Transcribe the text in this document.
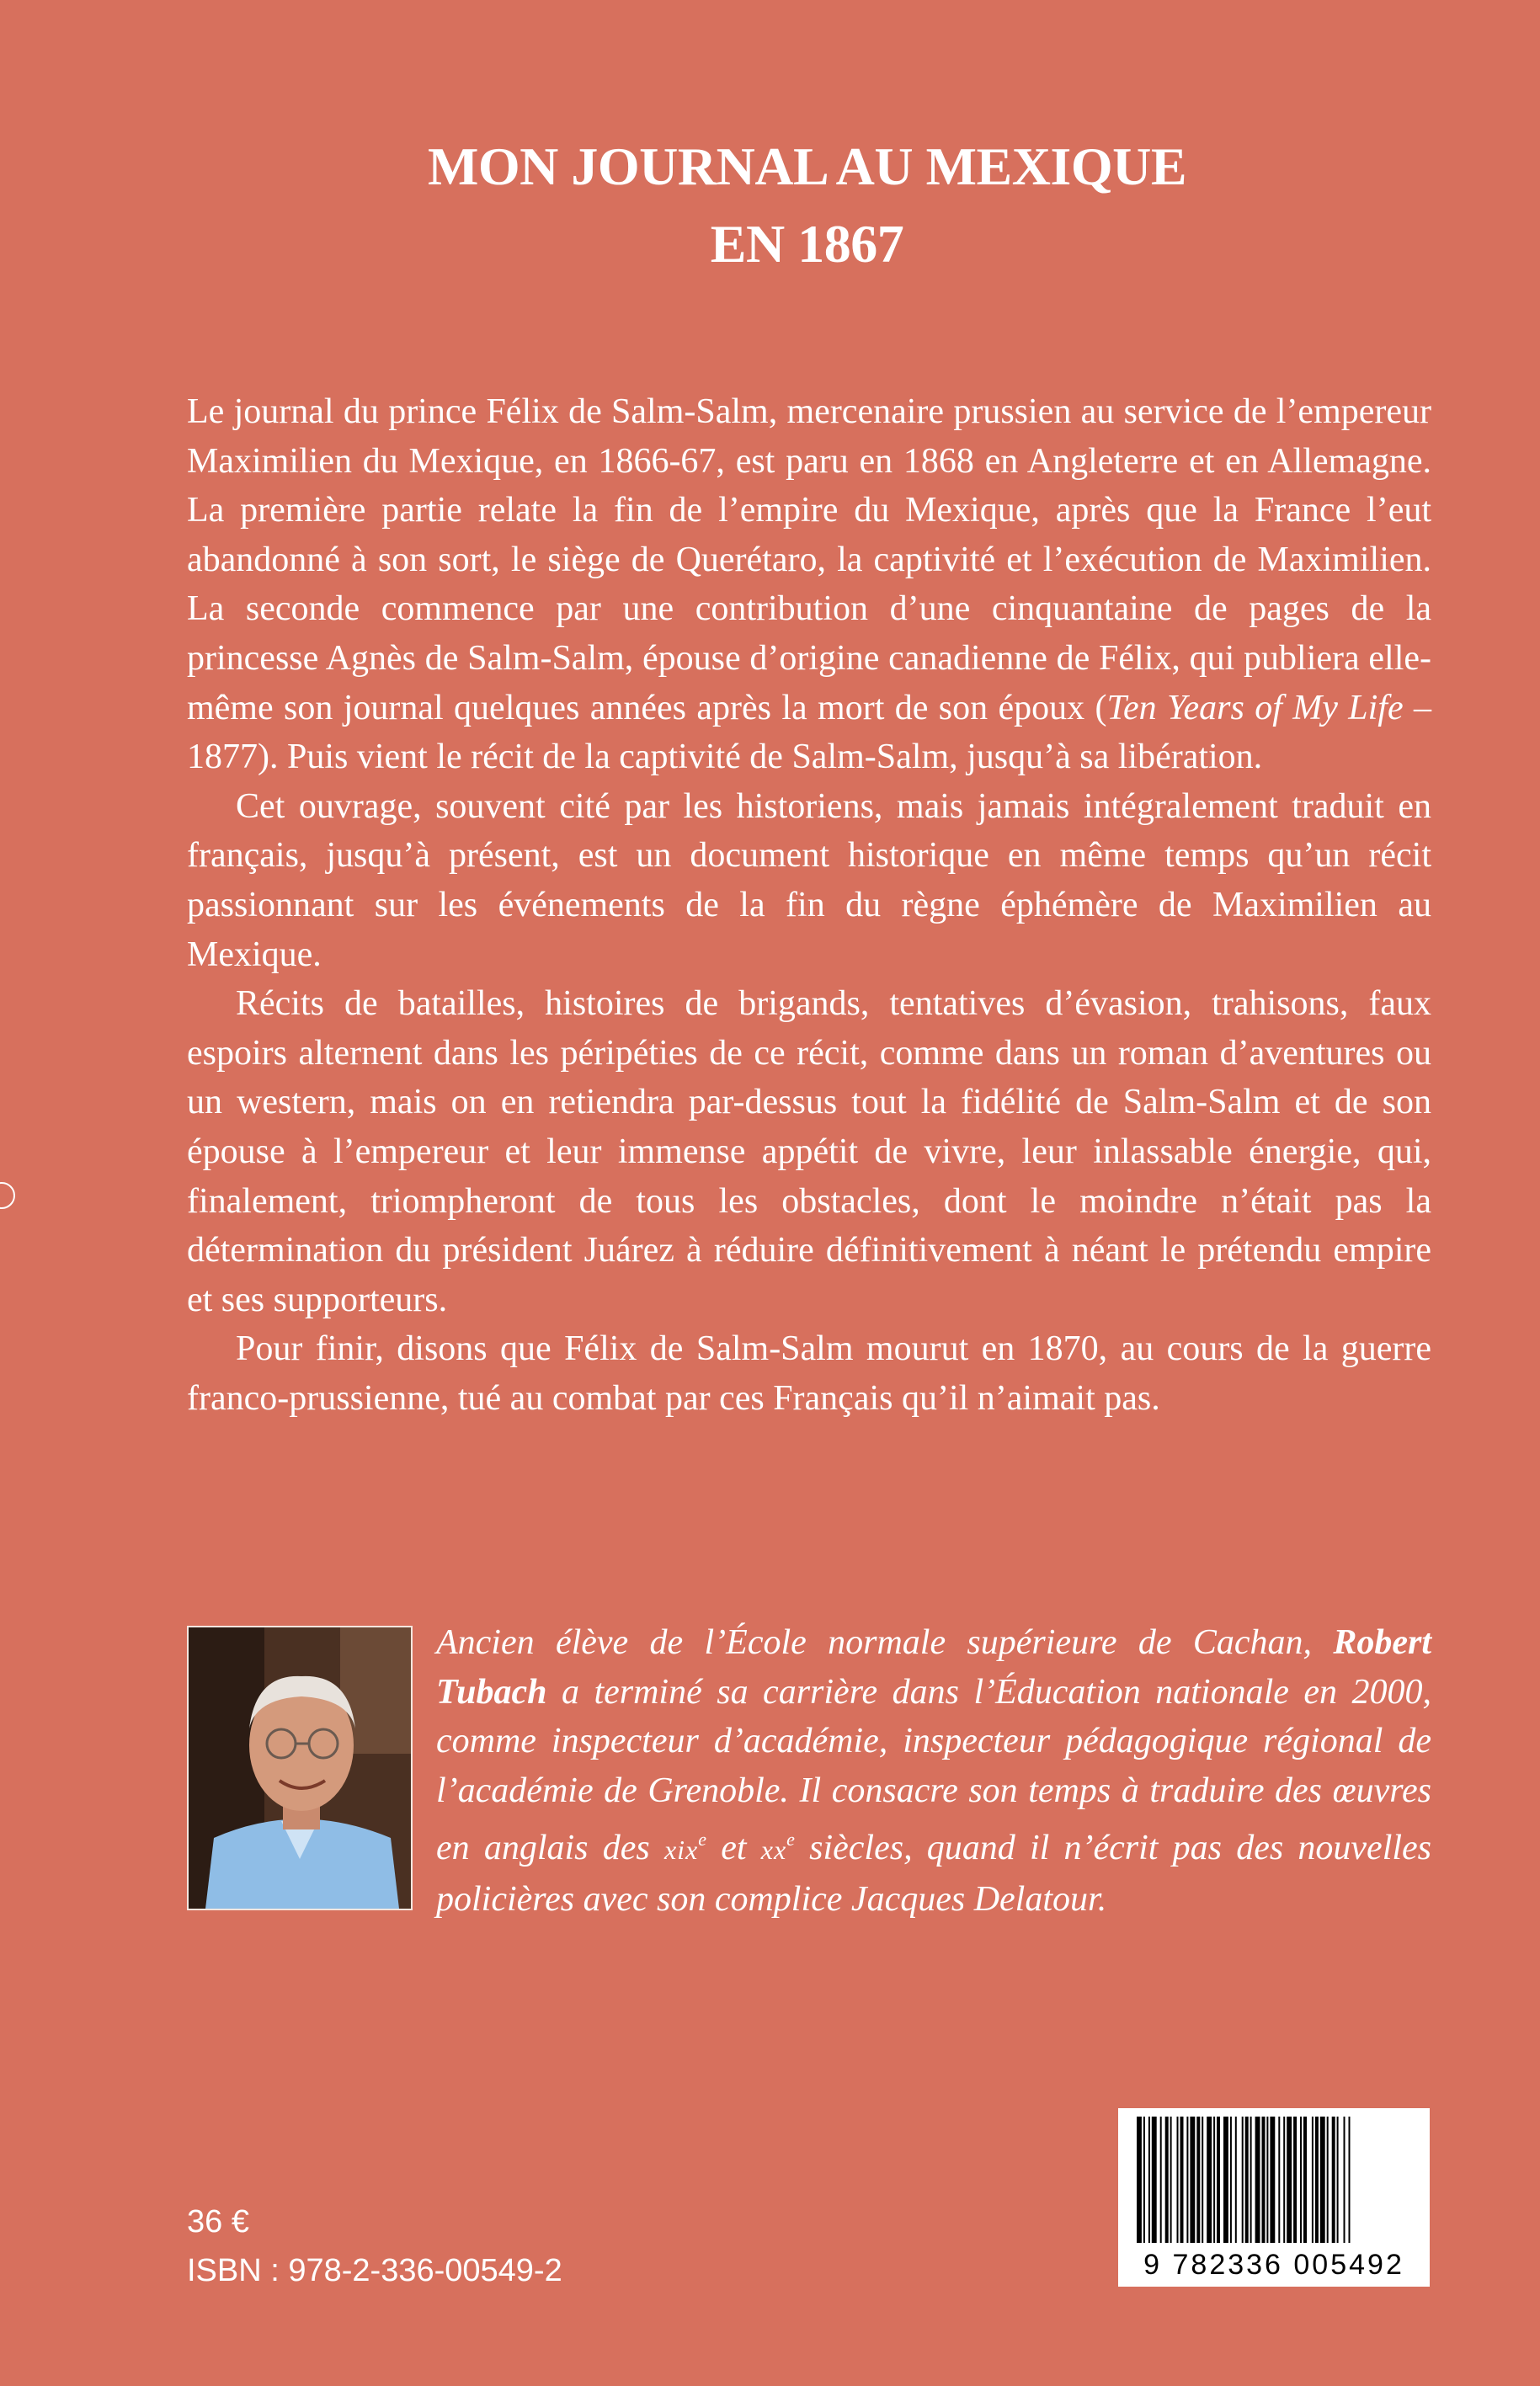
MON JOURNAL AU MEXIQUE
EN 1867

Le journal du prince Félix de Salm-Salm, mercenaire prussien au service de l’empereur Maximilien du Mexique, en 1866-67, est paru en 1868 en Angleterre et en Allemagne. La première partie relate la fin de l’empire du Mexique, après que la France l’eut abandonné à son sort, le siège de Querétaro, la captivité et l’exécution de Maximilien. La seconde commence par une contribution d’une cinquantaine de pages de la princesse Agnès de Salm-Salm, épouse d’origine canadienne de Félix, qui publiera elle-même son journal quelques années après la mort de son époux (Ten Years of My Life – 1877). Puis vient le récit de la captivité de Salm-Salm, jusqu’à sa libération.

Cet ouvrage, souvent cité par les historiens, mais jamais intégralement traduit en français, jusqu’à présent, est un document historique en même temps qu’un récit passionnant sur les événements de la fin du règne éphémère de Maximilien au Mexique.

Récits de batailles, histoires de brigands, tentatives d’évasion, trahisons, faux espoirs alternent dans les péripéties de ce récit, comme dans un roman d’aventures ou un western, mais on en retiendra par-dessus tout la fidélité de Salm-Salm et de son épouse à l’empereur et leur immense appétit de vivre, leur inlassable énergie, qui, finalement, triompheront de tous les obstacles, dont le moindre n’était pas la détermination du président Juárez à réduire définitivement à néant le prétendu empire et ses supporteurs.

Pour finir, disons que Félix de Salm-Salm mourut en 1870, au cours de la guerre franco-prussienne, tué au combat par ces Français qu’il n’aimait pas.

Ancien élève de l’École normale supérieure de Cachan, Robert Tubach a terminé sa carrière dans l’Éducation nationale en 2000, comme inspecteur d’académie, inspecteur pédagogique régional de l’académie de Grenoble. Il consacre son temps à traduire des œuvres en anglais des xix$^e$ et $xx^e$ siècles, quand il n’écrit pas des nouvelles policières avec son complice Jacques Delatour.
36 €
ISBN : 978-2-336-00549-2	9 782336 005492
